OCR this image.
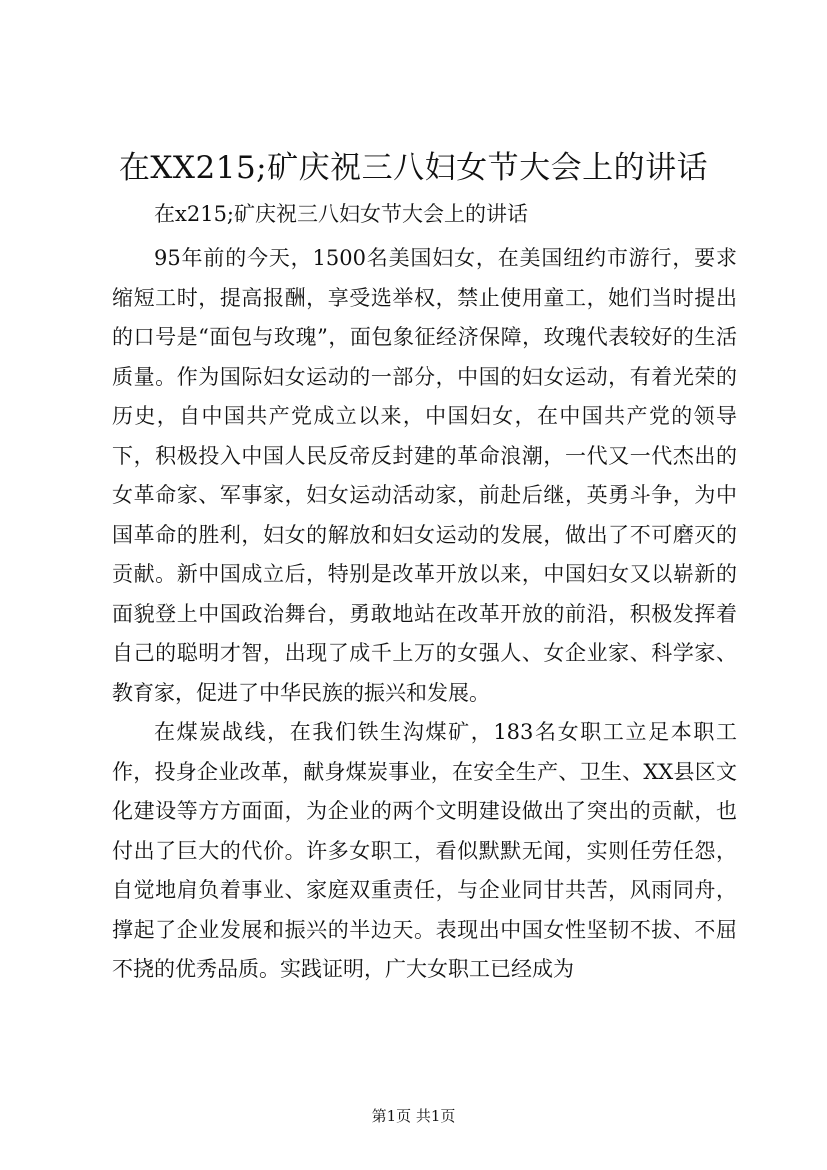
在XX215;矿庆祝三八妇女节大会上的讲话

在x215;矿庆祝三八妇女节大会上的讲话

95年前的今天，1500名美国妇女，在美国纽约市游行，要求缩短工时，提高报酬，享受选举权，禁止使用童工，她们当时提出的口号是“面包与玫瑰”，面包象征经济保障，玫瑰代表较好的生活质量。作为国际妇女运动的一部分，中国的妇女运动，有着光荣的历史，自中国共产党成立以来，中国妇女，在中国共产党的领导下，积极投入中国人民反帝反封建的革命浪潮，一代又一代杰出的女革命家、军事家，妇女运动活动家，前赴后继，英勇斗争，为中国革命的胜利，妇女的解放和妇女运动的发展，做出了不可磨灭的贡献。新中国成立后，特别是改革开放以来，中国妇女又以崭新的面貌登上中国政治舞台，勇敢地站在改革开放的前沿，积极发挥着自己的聪明才智，出现了成千上万的女强人、女企业家、科学家、教育家，促进了中华民族的振兴和发展。

在煤炭战线，在我们铁生沟煤矿，183名女职工立足本职工作，投身企业改革，献身煤炭事业，在安全生产、卫生、XX县区文化建设等方方面面，为企业的两个文明建设做出了突出的贡献，也付出了巨大的代价。许多女职工，看似默默无闻，实则任劳任怨，自觉地肩负着事业、家庭双重责任，与企业同甘共苦，风雨同舟，撑起了企业发展和振兴的半边天。表现出中国女性坚韧不拔、不屈不挠的优秀品质。实践证明，广大女职工已经成为

第1页 共1页
